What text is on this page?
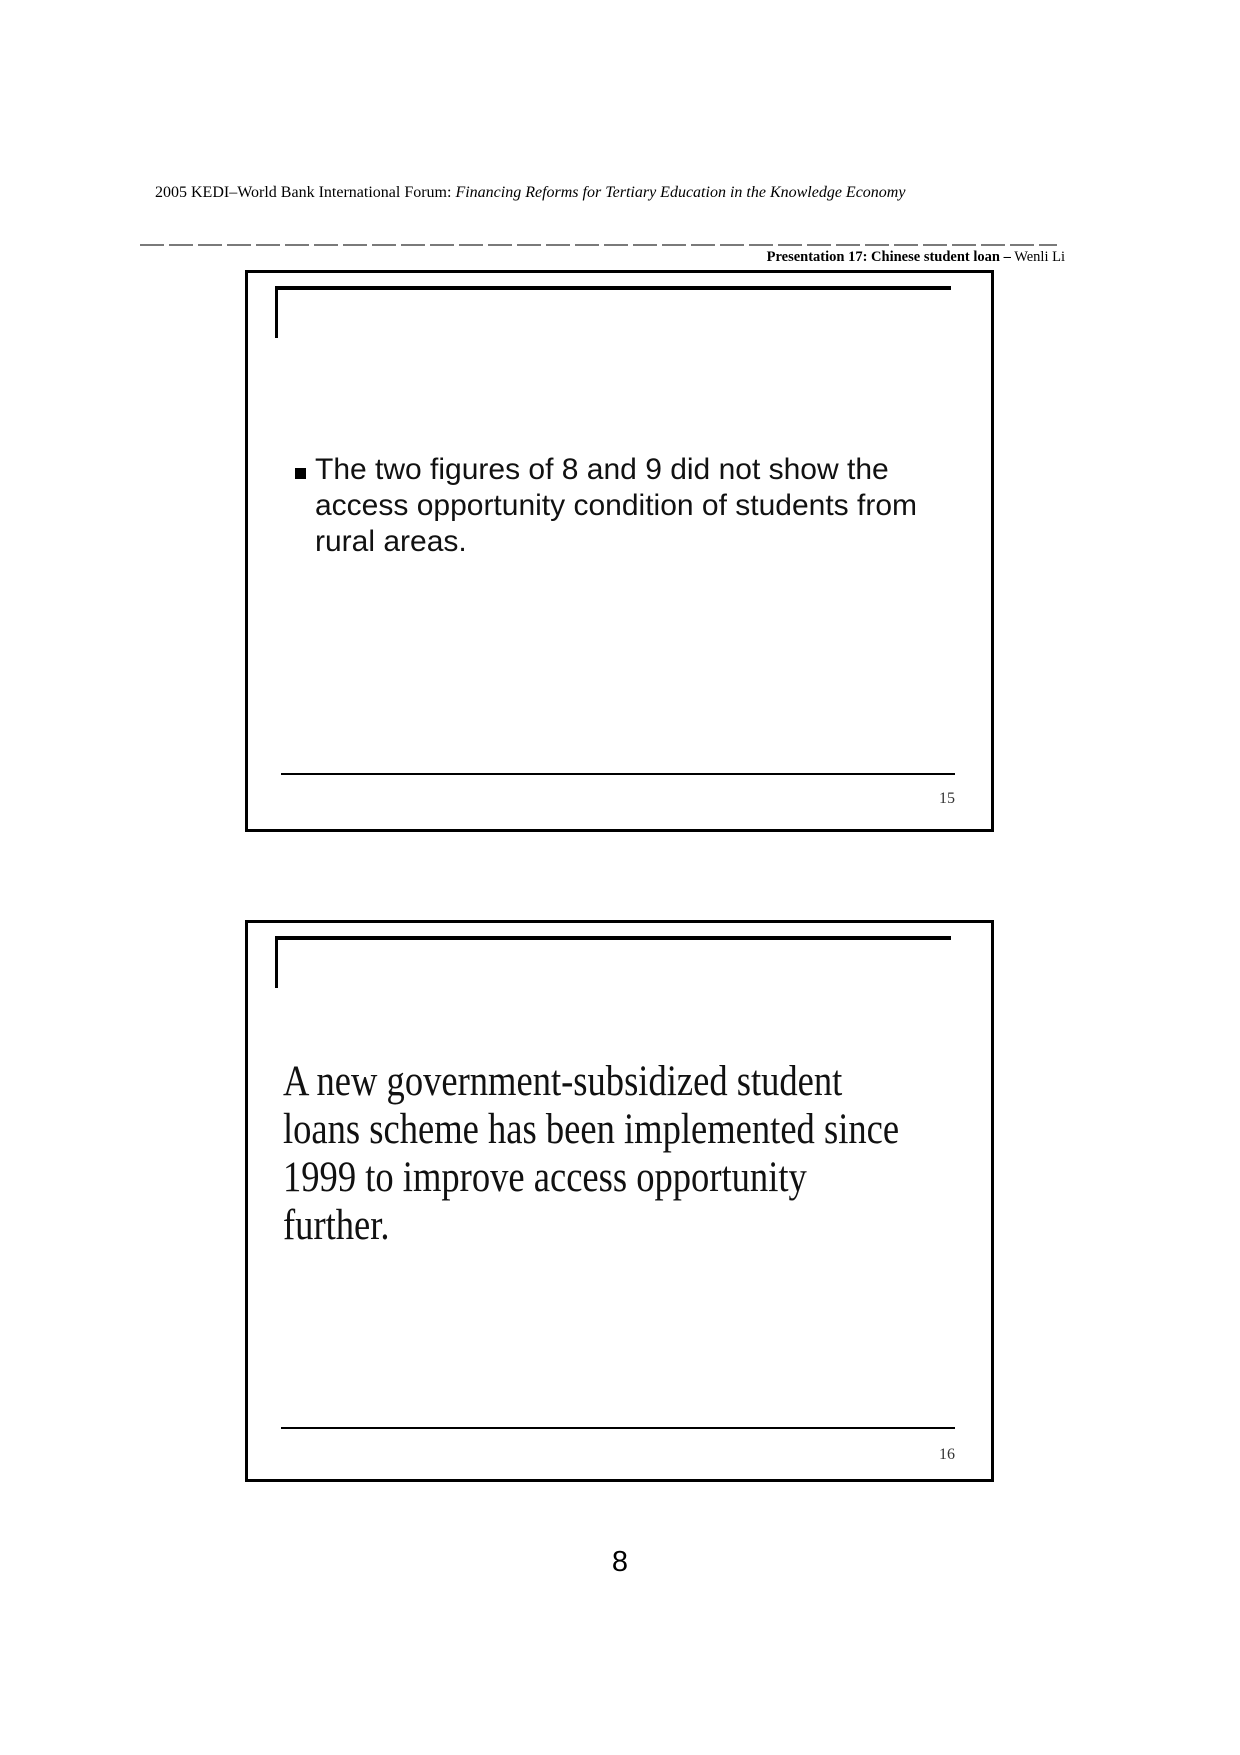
2005 KEDI–World Bank International Forum: Financing Reforms for Tertiary Education in the Knowledge Economy
Presentation 17: Chinese student loan – Wenli Li
The two figures of 8 and 9 did not show the
access opportunity condition of students from
rural areas.
15
A new government-subsidized student
loans scheme has been implemented since
1999 to improve access opportunity
further.
16
8
